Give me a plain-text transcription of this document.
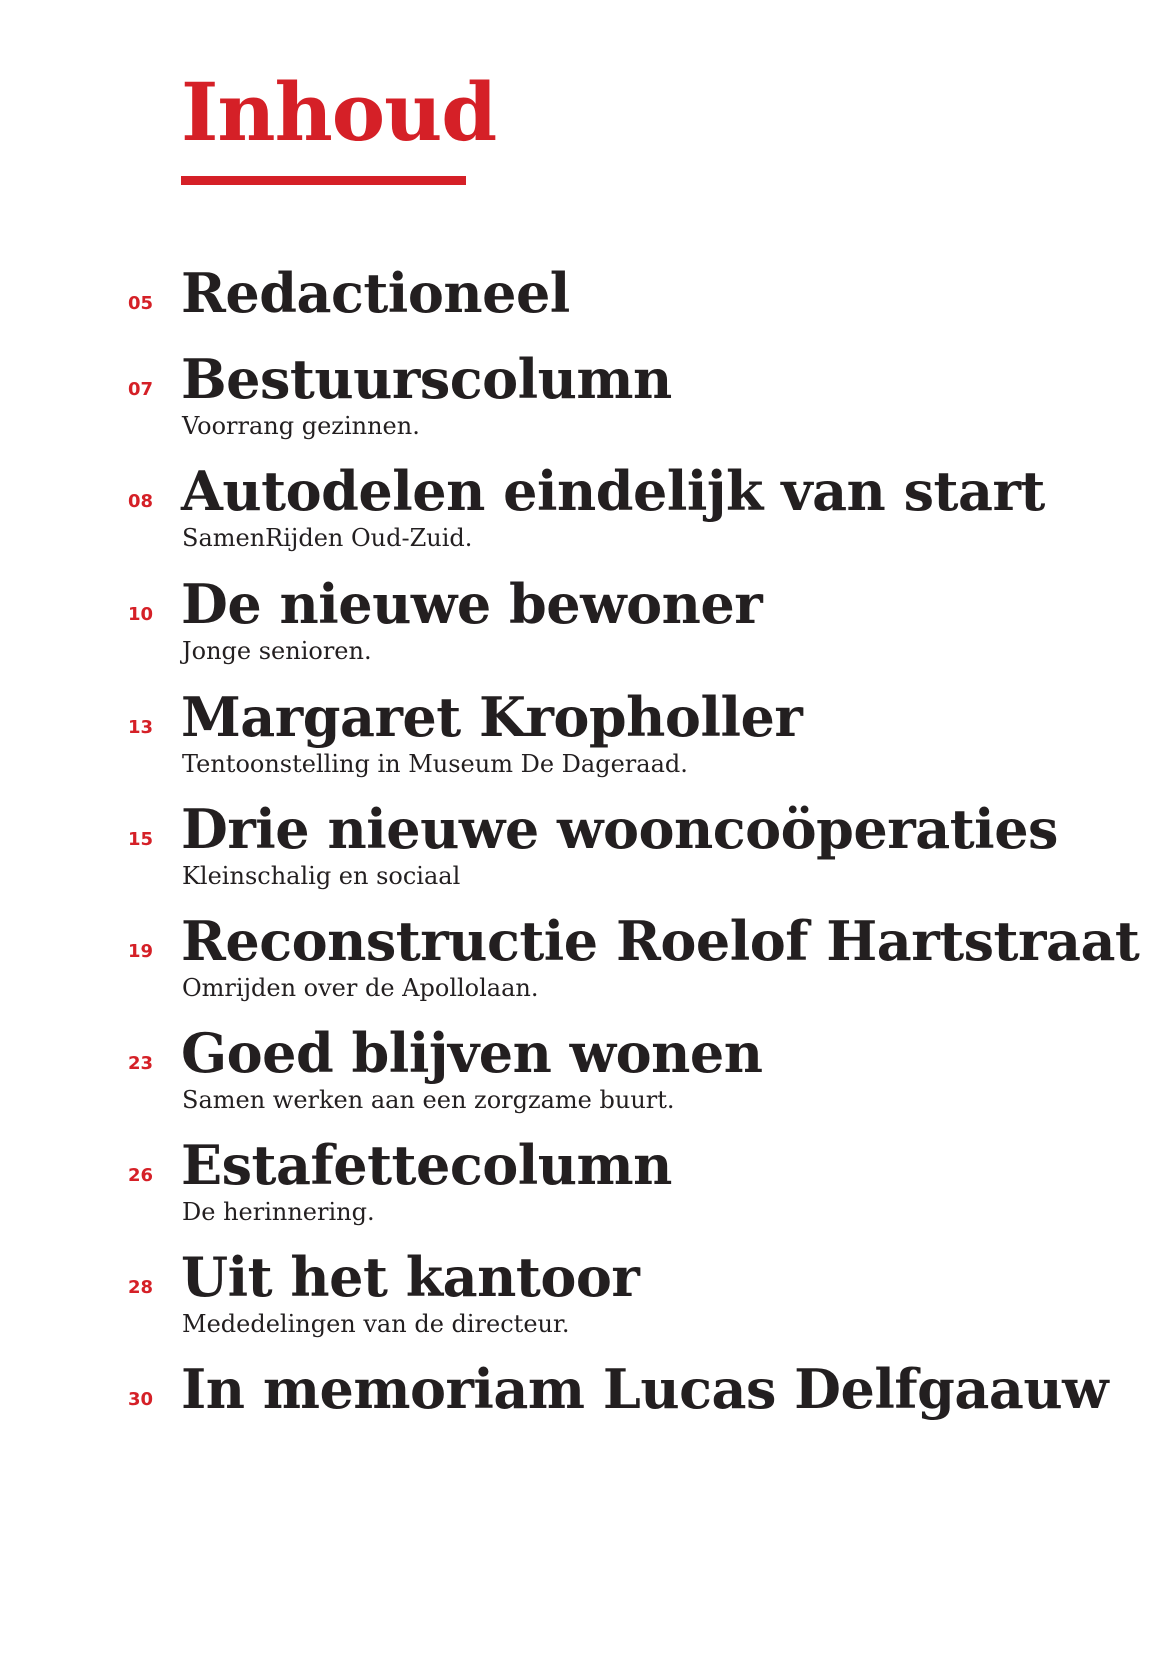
Inhoud
05 Redactioneel
07 Bestuurscolumn
Voorrang gezinnen.
08 Autodelen eindelijk van start
SamenRijden Oud-Zuid.
10 De nieuwe bewoner
Jonge senioren.
13 Margaret Kropholler
Tentoonstelling in Museum De Dageraad.
15 Drie nieuwe wooncoöperaties
Kleinschalig en sociaal
19 Reconstructie Roelof Hartstraat
Omrijden over de Apollolaan.
23 Goed blijven wonen
Samen werken aan een zorgzame buurt.
26 Estafettecolumn
De herinnering.
28 Uit het kantoor
Mededelingen van de directeur.
30 In memoriam Lucas Delfgaauw
